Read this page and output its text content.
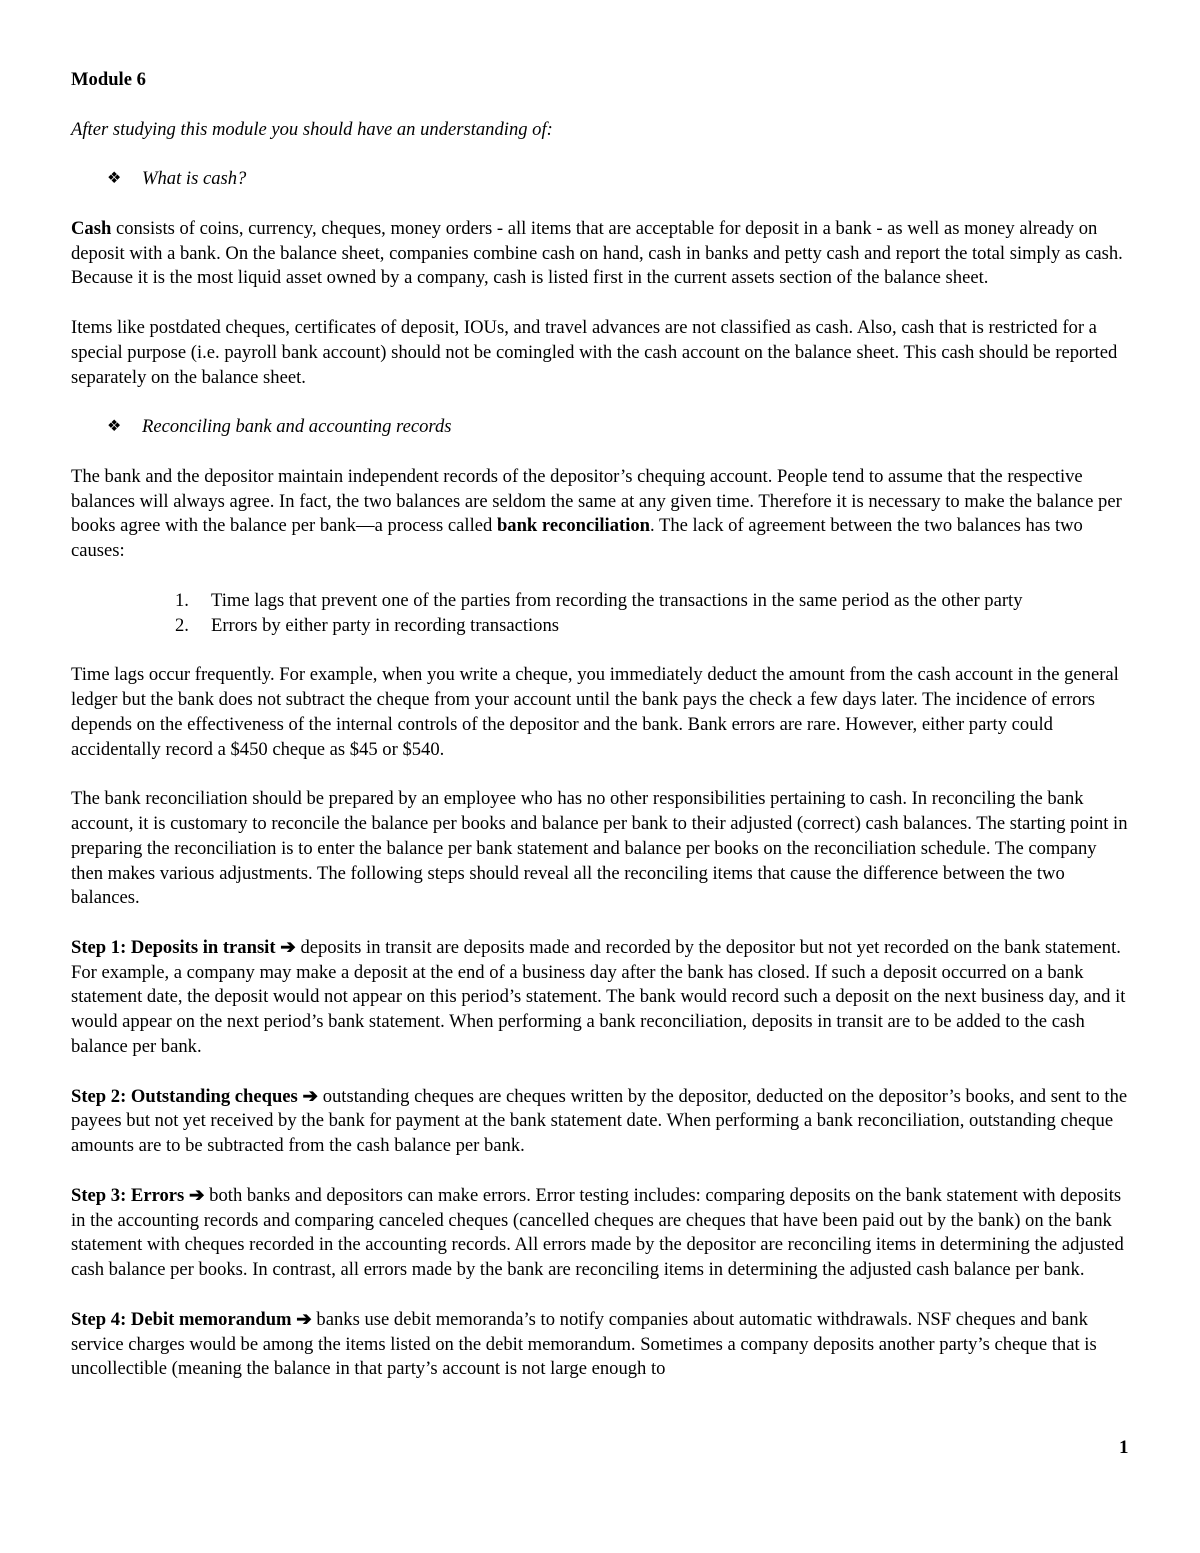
Module 6

After studying this module you should have an understanding of:

❖	What is cash?

Cash consists of coins, currency, cheques, money orders - all items that are acceptable for deposit in a bank - as well as money already on deposit with a bank. On the balance sheet, companies combine cash on hand, cash in banks and petty cash and report the total simply as cash. Because it is the most liquid asset owned by a company, cash is listed first in the current assets section of the balance sheet.

Items like postdated cheques, certificates of deposit, IOUs, and travel advances are not classified as cash. Also, cash that is restricted for a special purpose (i.e. payroll bank account) should not be comingled with the cash account on the balance sheet. This cash should be reported separately on the balance sheet.

❖	Reconciling bank and accounting records

The bank and the depositor maintain independent records of the depositor’s chequing account. People tend to assume that the respective balances will always agree. In fact, the two balances are seldom the same at any given time. Therefore it is necessary to make the balance per books agree with the balance per bank—a process called bank reconciliation. The lack of agreement between the two balances has two causes:

1.	Time lags that prevent one of the parties from recording the transactions in the same period as the other party
2.	Errors by either party in recording transactions

Time lags occur frequently. For example, when you write a cheque, you immediately deduct the amount from the cash account in the general ledger but the bank does not subtract the cheque from your account until the bank pays the check a few days later. The incidence of errors depends on the effectiveness of the internal controls of the depositor and the bank. Bank errors are rare. However, either party could accidentally record a $450 cheque as $45 or $540.

The bank reconciliation should be prepared by an employee who has no other responsibilities pertaining to cash. In reconciling the bank account, it is customary to reconcile the balance per books and balance per bank to their adjusted (correct) cash balances. The starting point in preparing the reconciliation is to enter the balance per bank statement and balance per books on the reconciliation schedule. The company then makes various adjustments. The following steps should reveal all the reconciling items that cause the difference between the two balances.

Step 1: Deposits in transit ➔ deposits in transit are deposits made and recorded by the depositor but not yet recorded on the bank statement. For example, a company may make a deposit at the end of a business day after the bank has closed. If such a deposit occurred on a bank statement date, the deposit would not appear on this period’s statement. The bank would record such a deposit on the next business day, and it would appear on the next period’s bank statement. When performing a bank reconciliation, deposits in transit are to be added to the cash balance per bank.

Step 2: Outstanding cheques ➔ outstanding cheques are cheques written by the depositor, deducted on the depositor’s books, and sent to the payees but not yet received by the bank for payment at the bank statement date. When performing a bank reconciliation, outstanding cheque amounts are to be subtracted from the cash balance per bank.

Step 3: Errors ➔ both banks and depositors can make errors. Error testing includes: comparing deposits on the bank statement with deposits in the accounting records and comparing canceled cheques (cancelled cheques are cheques that have been paid out by the bank) on the bank statement with cheques recorded in the accounting records. All errors made by the depositor are reconciling items in determining the adjusted cash balance per books. In contrast, all errors made by the bank are reconciling items in determining the adjusted cash balance per bank.

Step 4: Debit memorandum ➔ banks use debit memoranda’s to notify companies about automatic withdrawals. NSF cheques and bank service charges would be among the items listed on the debit memorandum. Sometimes a company deposits another party’s cheque that is uncollectible (meaning the balance in that party’s account is not large enough to

1
